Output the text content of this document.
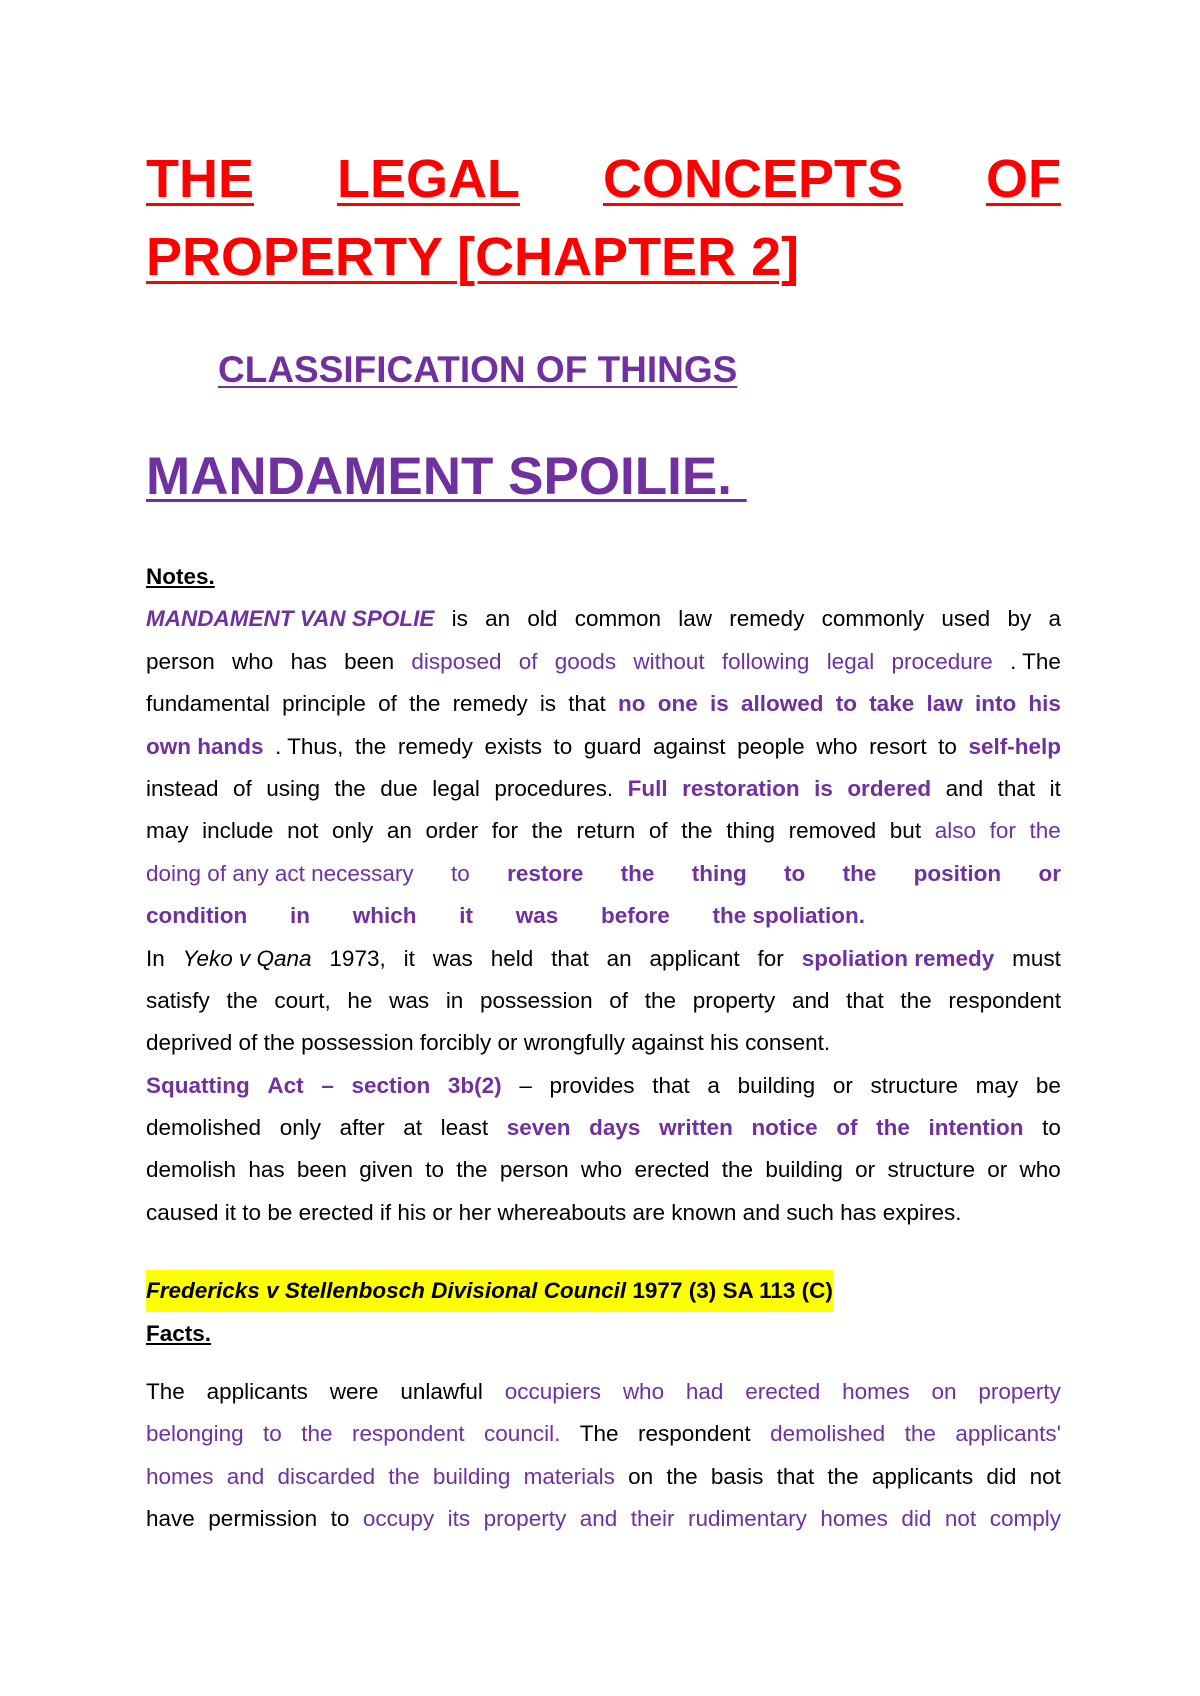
THE LEGAL CONCEPTS OF
PROPERTY [CHAPTER 2]
CLASSIFICATION OF THINGS
MANDAMENT SPOILIE.
Notes.
MANDAMENT VAN SPOLIE is an old common law remedy commonly used by a
person who has been disposed of goods without following legal procedure . The
fundamental principle of the remedy is that no one is allowed to take law into his
own hands . Thus, the remedy exists to guard against people who resort to self-help
instead of using the due legal procedures. Full restoration is ordered and that it
may include not only an order for the return of the thing removed but also for the
doing of any act necessary to restore the thing to the position or
condition in which it was before the spoliation.

In Yeko v Qana 1973, it was held that an applicant for spoliation remedy must
satisfy the court, he was in possession of the property and that the respondent
deprived of the possession forcibly or wrongfully against his consent.
Squatting Act – section 3b(2) – provides that a building or structure may be
demolished only after at least seven days written notice of the intention to
demolish has been given to the person who erected the building or structure or who
caused it to be erected if his or her whereabouts are known and such has expires.
Fredericks v Stellenbosch Divisional Council 1977 (3) SA 113 (C)
Facts.
The applicants were unlawful occupiers who had erected homes on property
belonging to the respondent council. The respondent demolished the applicants'
homes and discarded the building materials on the basis that the applicants did not
have permission to occupy its property and their rudimentary homes did not comply
